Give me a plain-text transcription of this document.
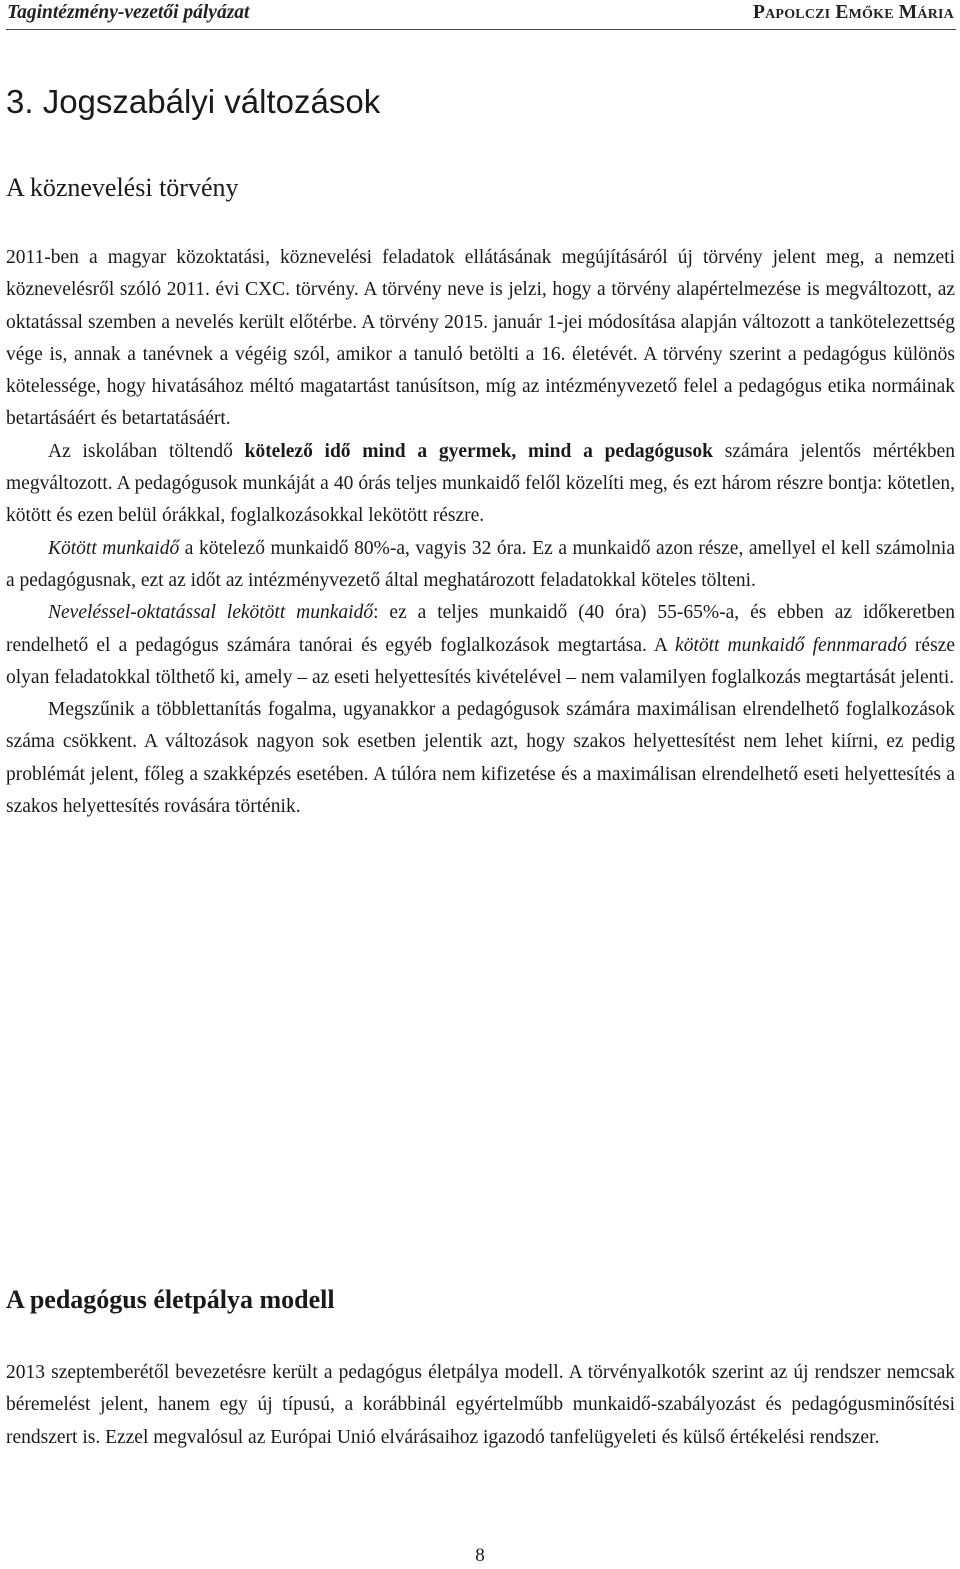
Tagintézmény-vezetői pályázat	Papolczi Emőke Mária
3. Jogszabályi változások
A köznevelési törvény

2011-ben a magyar közoktatási, köznevelési feladatok ellátásának megújításáról új törvény jelent meg, a nemzeti köznevelésről szóló 2011. évi CXC. törvény. A törvény neve is jelzi, hogy a törvény alapértelmezése is megváltozott, az oktatással szemben a nevelés került előtérbe. A törvény 2015. január 1-jei módosítása alapján változott a tankötelezettség vége is, annak a tanévnek a végéig szól, amikor a tanuló betölti a 16. életévét. A törvény szerint a pedagógus különös kötelessége, hogy hivatásához méltó magatartást tanúsítson, míg az intézményvezető felel a pedagógus etika normáinak betartásáért és betartatásáért.

Az iskolában töltendő kötelező idő mind a gyermek, mind a pedagógusok számára jelentős mértékben megváltozott. A pedagógusok munkáját a 40 órás teljes munkaidő felől közelíti meg, és ezt három részre bontja: kötetlen, kötött és ezen belül órákkal, foglalkozásokkal lekötött részre.

Kötött munkaidő a kötelező munkaidő 80%-a, vagyis 32 óra. Ez a munkaidő azon része, amellyel el kell számolnia a pedagógusnak, ezt az időt az intézményvezető által meghatározott feladatokkal köteles tölteni.

Neveléssel-oktatással lekötött munkaidő: ez a teljes munkaidő (40 óra) 55-65%-a, és ebben az időkeretben rendelhető el a pedagógus számára tanórai és egyéb foglalkozások megtartása. A kötött munkaidő fennmaradó része olyan feladatokkal tölthető ki, amely – az eseti helyettesítés kivételével – nem valamilyen foglalkozás megtartását jelenti.

Megszűnik a többlettanítás fogalma, ugyanakkor a pedagógusok számára maximálisan elrendelhető foglalkozások száma csökkent. A változások nagyon sok esetben jelentik azt, hogy szakos helyettesítést nem lehet kiírni, ez pedig problémát jelent, főleg a szakképzés esetében. A túlóra nem kifizetése és a maximálisan elrendelhető eseti helyettesítés a szakos helyettesítés rovására történik.

A pedagógus életpálya modell

2013 szeptemberétől bevezetésre került a pedagógus életpálya modell. A törvényalkotók szerint az új rendszer nemcsak béremelést jelent, hanem egy új típusú, a korábbinál egyértelműbb munkaidő-szabályozást és pedagógusminősítési rendszert is. Ezzel megvalósul az Európai Unió elvárásaihoz igazodó tanfelügyeleti és külső értékelési rendszer.

8
